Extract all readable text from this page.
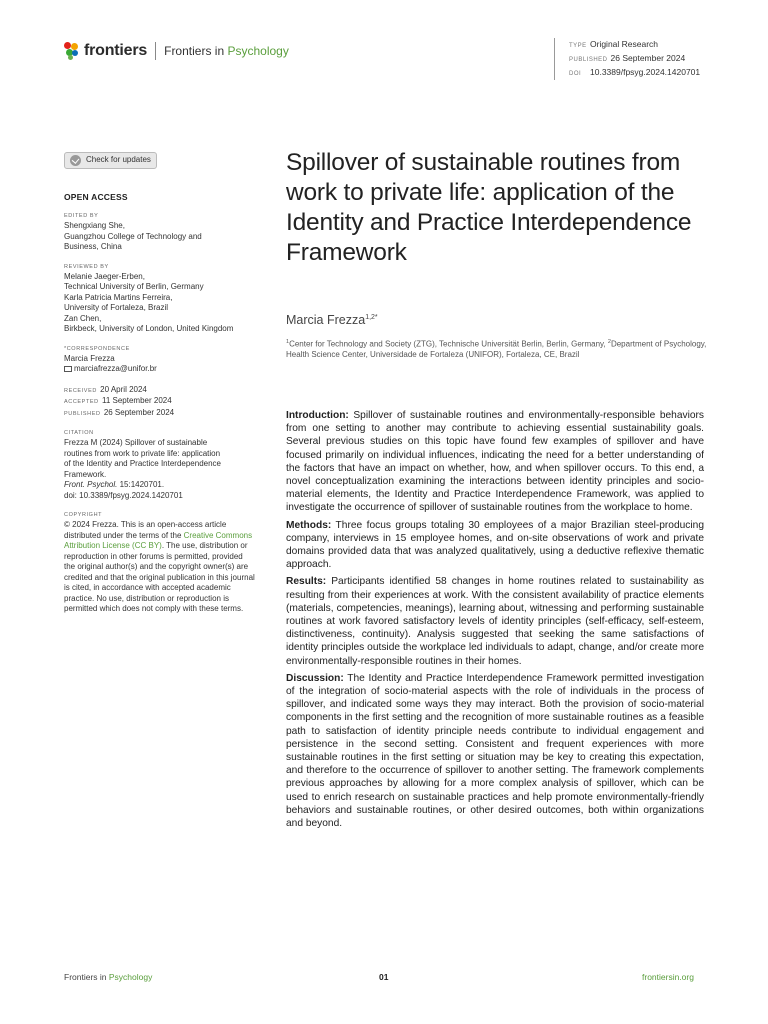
frontiers Frontiers in Psychology	TYPE Original Research
PUBLISHED 26 September 2024
DOI 10.3389/fpsyg.2024.1420701
Check for updates
OPEN ACCESS
EDITED BY
Shengxiang She,
Guangzhou College of Technology and
Business, China
REVIEWED BY
Melanie Jaeger-Erben,
Technical University of Berlin, Germany
Karla Patricia Martins Ferreira,
University of Fortaleza, Brazil
Zan Chen,
Birkbeck, University of London, United Kingdom
*CORRESPONDENCE
Marcia Frezza
marciafrezza@unifor.br
RECEIVED 20 April 2024
ACCEPTED 11 September 2024
PUBLISHED 26 September 2024
CITATION
Frezza M (2024) Spillover of sustainable
routines from work to private life: application
of the Identity and Practice Interdependence
Framework.
Front. Psychol. 15:1420701.
doi: 10.3389/fpsyg.2024.1420701
COPYRIGHT
© 2024 Frezza. This is an open-access article distributed under the terms of the Creative Commons Attribution License (CC BY). The use, distribution or reproduction in other forums is permitted, provided the original author(s) and the copyright owner(s) are credited and that the original publication in this journal is cited, in accordance with accepted academic practice. No use, distribution or reproduction is permitted which does not comply with these terms.
Spillover of sustainable routines from work to private life: application of the Identity and Practice Interdependence Framework
Marcia Frezza$^{1,2*}$
$^1$Center for Technology and Society (ZTG), Technische Universität Berlin, Berlin, Germany, $^2$Department of Psychology, Health Science Center, Universidade de Fortaleza (UNIFOR), Fortaleza, CE, Brazil

Introduction: Spillover of sustainable routines and environmentally-responsible behaviors from one setting to another may contribute to achieving essential sustainability goals. Several previous studies on this topic have found few examples of spillover and have focused primarily on individual influences, indicating the need for a better understanding of the factors that have an impact on whether, how, and when spillover occurs. To this end, a novel conceptualization examining the interactions between identity principles and socio-material elements, the Identity and Practice Interdependence Framework, was applied to investigate the occurrence of spillover of sustainable routines from the workplace to home.

Methods: Three focus groups totaling 30 employees of a major Brazilian steel-producing company, interviews in 15 employee homes, and on-site observations of work and private domains provided data that was analyzed qualitatively, using a deductive reflexive thematic approach.

Results: Participants identified 58 changes in home routines related to sustainability as resulting from their experiences at work. With the consistent availability of practice elements (materials, competencies, meanings), learning about, witnessing and performing sustainable routines at work favored satisfactory levels of identity principles (self-efficacy, self-esteem, distinctiveness, continuity). Analysis suggested that seeking the same satisfactions of identity principles outside the workplace led individuals to adapt, change, and/or create more environmentally-responsible routines in their homes.

Discussion: The Identity and Practice Interdependence Framework permitted investigation of the integration of socio-material aspects with the role of individuals in the process of spillover, and indicated some ways they may interact. Both the provision of socio-material components in the first setting and the recognition of more sustainable routines as a feasible path to satisfaction of identity principle needs contribute to individual engagement and persistence in the second setting. Consistent and frequent experiences with more sustainable routines in the first setting or situation may be key to creating this expectation, and therefore to the occurrence of spillover to another setting. The framework complements previous approaches by allowing for a more complex analysis of spillover, which can be used to enrich research on sustainable practices and help promote environmentally-friendly behaviors and sustainable routines, or other desired outcomes, both within organizations and beyond.

Frontiers in Psychology	01	frontiersin.org
